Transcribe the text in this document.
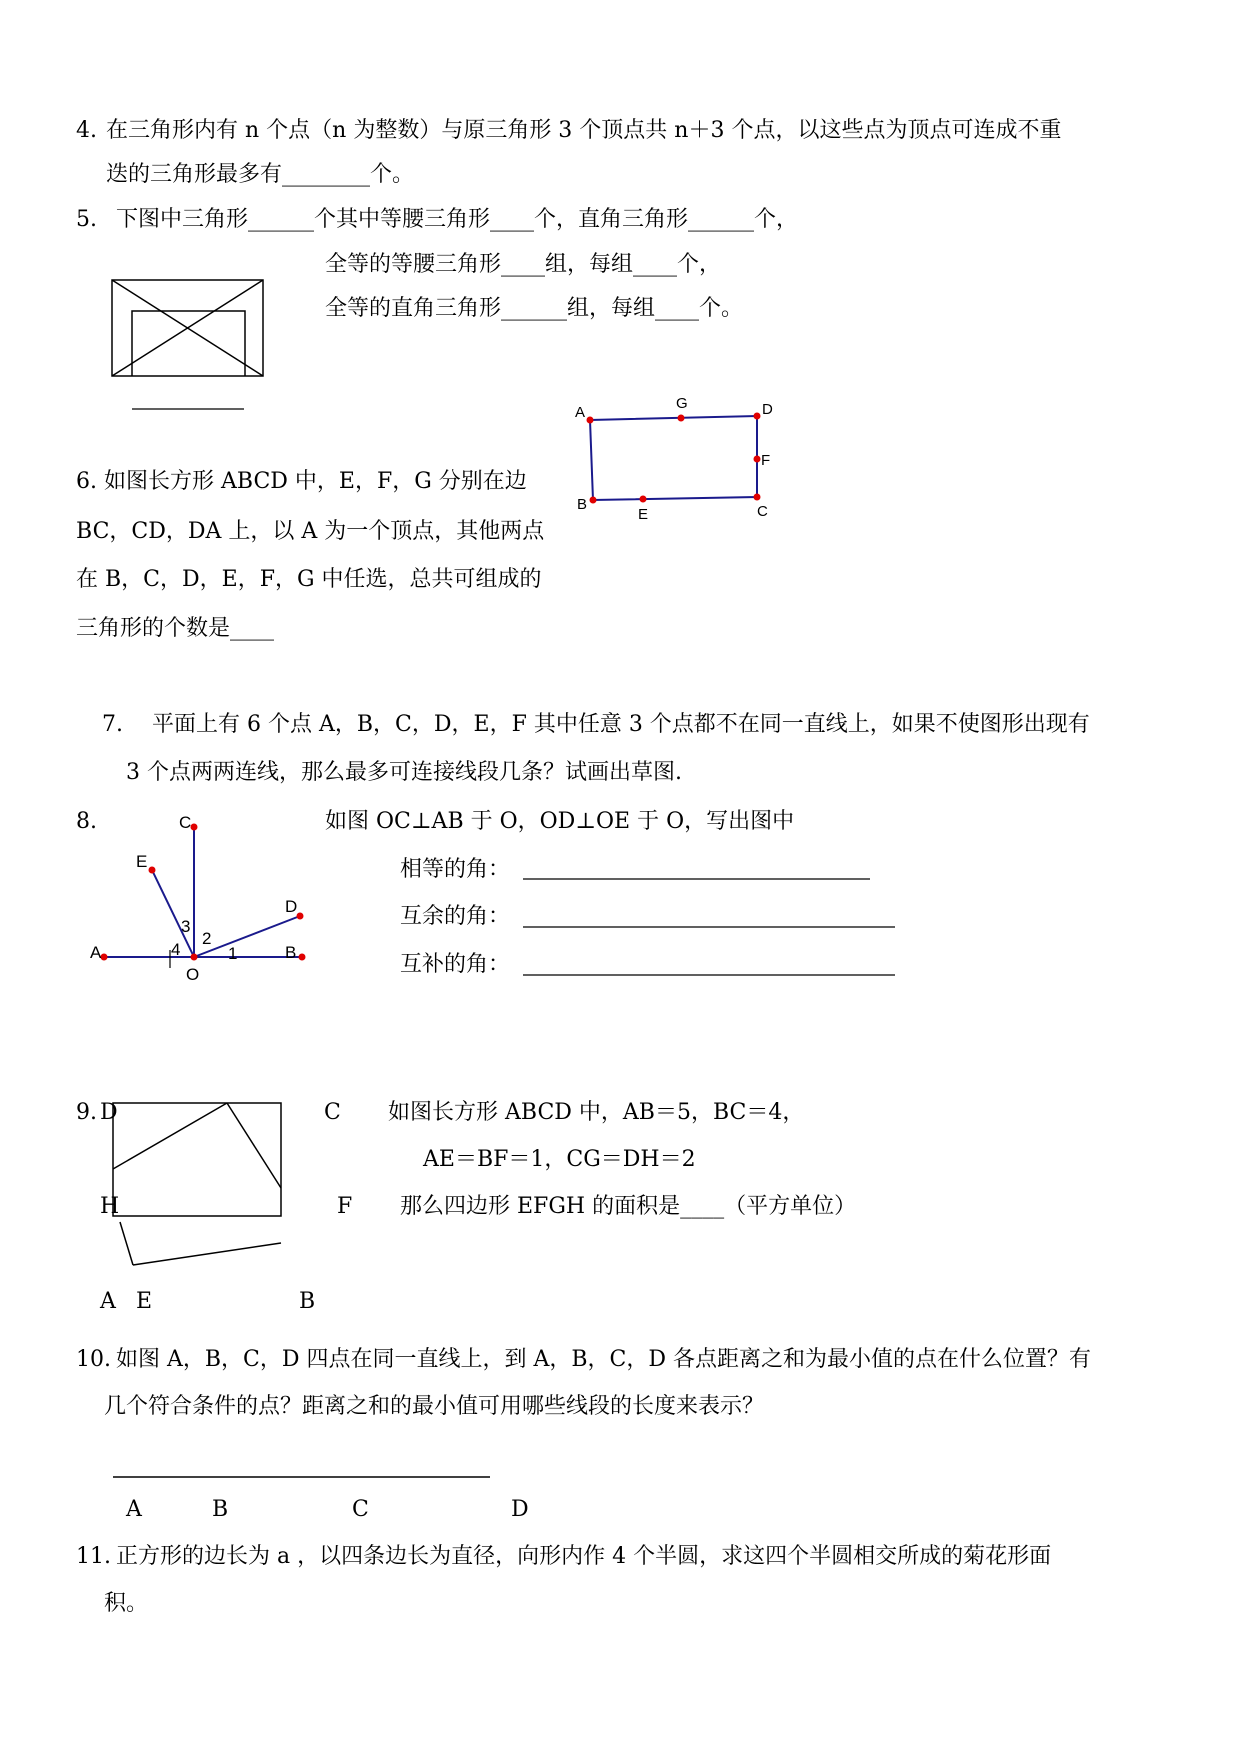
4. 在三角形内有 n 个点（n 为整数）与原三角形 3 个顶点共 n＋3 个点，以这些点为顶点可连成不重
迭的三角形最多有________个。
5. 下图中三角形______个其中等腰三角形____个，直角三角形______个，
全等的等腰三角形____组，每组____个，
全等的直角三角形______组，每组____个。
6. 如图长方形 ABCD 中，E，F，G 分别在边
BC，CD，DA 上，以 A 为一个顶点，其他两点
在 B，C，D，E，F，G 中任选，总共可组成的
三角形的个数是____
A
G	D
F
C
E
B
7. 平面上有 6 个点 A，B，C，D，E，F 其中任意 3 个点都不在同一直线上，如果不使图形出现有
3 个点两两连线，那么最多可连接线段几条？试画出草图.
8.	如图 OC⊥AB 于 O，OD⊥OE 于 O，写出图中
相等的角：
互余的角：
互补的角：
A	B
O
C
E
D
1
2
3
4
9. D	C 如图长方形 ABCD 中，AB＝5，BC＝4，
AE＝BF＝1，CG＝DH＝2
H	F 那么四边形 EFGH 的面积是____（平方单位）
A E	B
10. 如图 A，B，C，D 四点在同一直线上，到 A，B，C，D 各点距离之和为最小值的点在什么位置？有
几个符合条件的点？距离之和的最小值可用哪些线段的长度来表示？
A	B	C	D
11. 正方形的边长为 a ，以四条边长为直径，向形内作 4 个半圆，求这四个半圆相交所成的菊花形面
积。
